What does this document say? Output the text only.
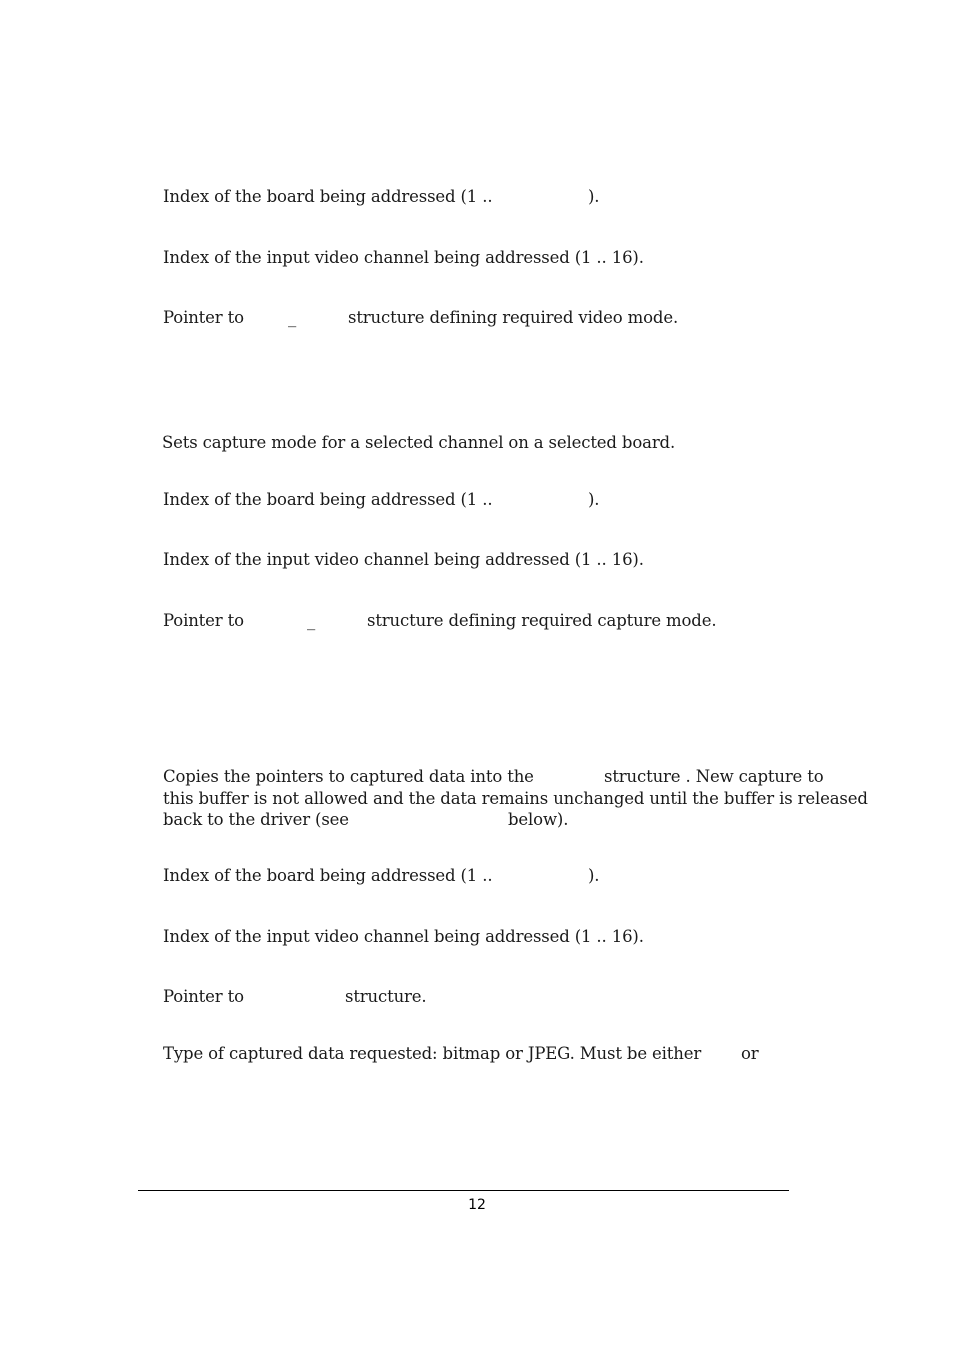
Index of the board being addressed (1 ..	).
Index of the input video channel being addressed (1 .. 16).
Pointer to	_	structure defining required video mode.
Sets capture mode for a selected channel on a selected board.
Index of the board being addressed (1 ..	).
Index of the input video channel being addressed (1 .. 16).
Pointer to	_	structure defining required capture mode.
Copies the pointers to captured data into the	structure . New capture to
this buffer is not allowed and the data remains unchanged until the buffer is released
back to the driver (see	below).
Index of the board being addressed (1 ..	).
Index of the input video channel being addressed (1 .. 16).
Pointer to	structure.
Type of captured data requested: bitmap or JPEG. Must be either or
12
